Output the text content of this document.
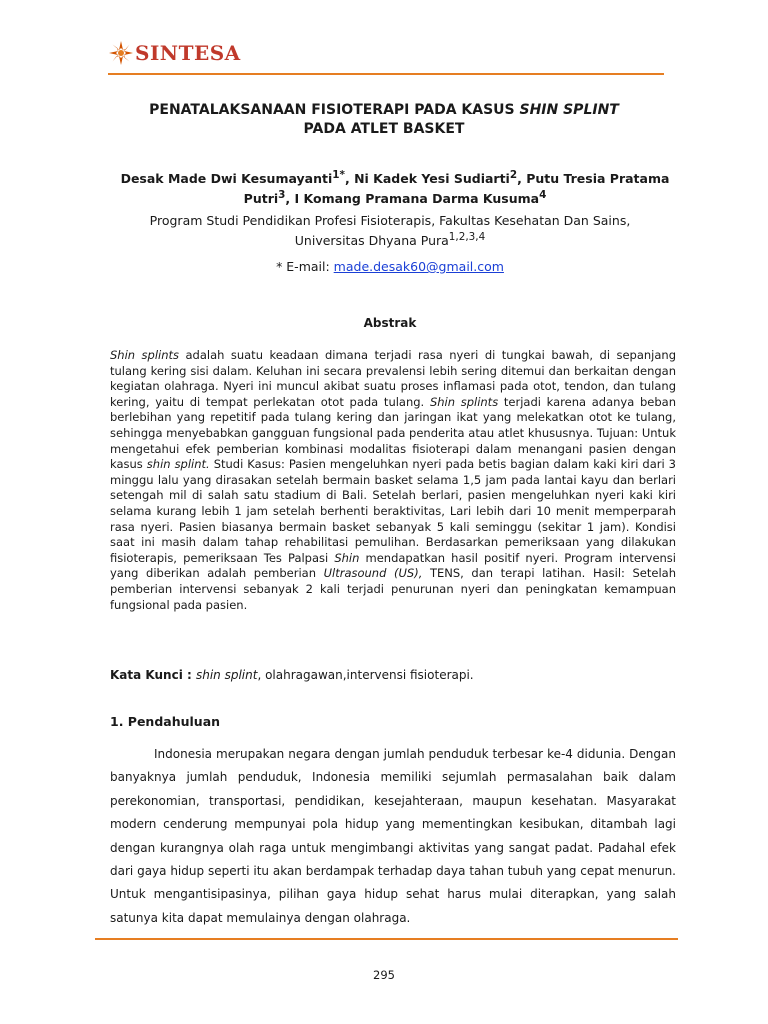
SINTESA
PENATALAKSANAAN FISIOTERAPI PADA KASUS SHIN SPLINT
PADA ATLET BASKET
Desak Made Dwi Kesumayanti$^{1*}$, Ni Kadek Yesi Sudiarti$^2$, Putu Tresia Pratama Putri$^3$, I Komang Pramana Darma Kusuma$^4$
Program Studi Pendidikan Profesi Fisioterapis, Fakultas Kesehatan Dan Sains,
Universitas Dhyana Pura$^{1,2,3,4}$
* E-mail: made.desak60@gmail.com
Abstrak
Shin splints adalah suatu keadaan dimana terjadi rasa nyeri di tungkai bawah, di sepanjang tulang kering sisi dalam. Keluhan ini secara prevalensi lebih sering ditemui dan berkaitan dengan kegiatan olahraga. Nyeri ini muncul akibat suatu proses inflamasi pada otot, tendon, dan tulang kering, yaitu di tempat perlekatan otot pada tulang. Shin splints terjadi karena adanya beban berlebihan yang repetitif pada tulang kering dan jaringan ikat yang melekatkan otot ke tulang, sehingga menyebabkan gangguan fungsional pada penderita atau atlet khususnya. Tujuan: Untuk mengetahui efek pemberian kombinasi modalitas fisioterapi dalam menangani pasien dengan kasus shin splint. Studi Kasus: Pasien mengeluhkan nyeri pada betis bagian dalam kaki kiri dari 3 minggu lalu yang dirasakan setelah bermain basket selama 1,5 jam pada lantai kayu dan berlari setengah mil di salah satu stadium di Bali. Setelah berlari, pasien mengeluhkan nyeri kaki kiri selama kurang lebih 1 jam setelah berhenti beraktivitas, Lari lebih dari 10 menit memperparah rasa nyeri. Pasien biasanya bermain basket sebanyak 5 kali seminggu (sekitar 1 jam). Kondisi saat ini masih dalam tahap rehabilitasi pemulihan. Berdasarkan pemeriksaan yang dilakukan fisioterapis, pemeriksaan Tes Palpasi Shin mendapatkan hasil positif nyeri. Program intervensi yang diberikan adalah pemberian Ultrasound (US), TENS, dan terapi latihan. Hasil: Setelah pemberian intervensi sebanyak 2 kali terjadi penurunan nyeri dan peningkatan kemampuan fungsional pada pasien.
Kata Kunci : shin splint, olahragawan,intervensi fisioterapi.
1. Pendahuluan
Indonesia merupakan negara dengan jumlah penduduk terbesar ke-4 didunia. Dengan banyaknya jumlah penduduk, Indonesia memiliki sejumlah permasalahan baik dalam perekonomian, transportasi, pendidikan, kesejahteraan, maupun kesehatan. Masyarakat modern cenderung mempunyai pola hidup yang mementingkan kesibukan, ditambah lagi dengan kurangnya olah raga untuk mengimbangi aktivitas yang sangat padat. Padahal efek dari gaya hidup seperti itu akan berdampak terhadap daya tahan tubuh yang cepat menurun. Untuk mengantisipasinya, pilihan gaya hidup sehat harus mulai diterapkan, yang salah satunya kita dapat memulainya dengan olahraga.
295
